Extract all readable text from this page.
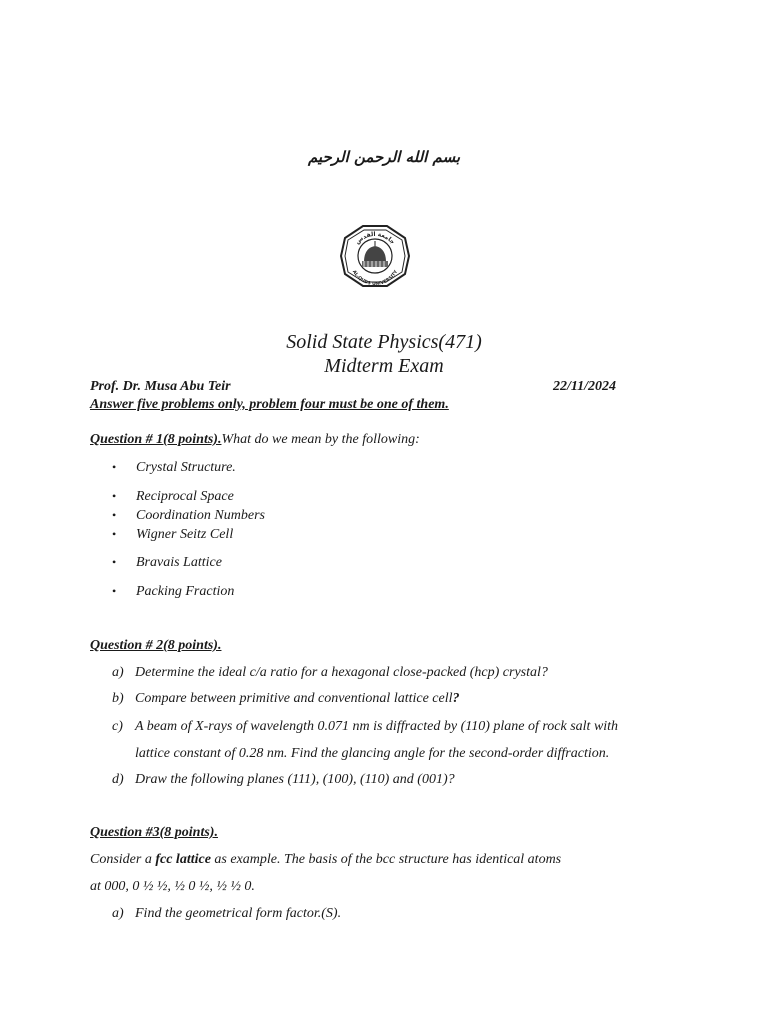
بسم الله الرحمن الرحيم
جامعة القدس
AL-QUDS UNIVERSITY
Solid State Physics(471)
Midterm Exam
Prof. Dr. Musa Abu Teir	22/11/2024
Answer five problems only, problem four must be one of them.
Question # 1(8 points).What do we mean by the following:
• Crystal Structure.
• Reciprocal Space
• Coordination Numbers
• Wigner Seitz Cell
• Bravais Lattice
• Packing Fraction
Question # 2(8 points).
a) Determine the ideal c/a ratio for a hexagonal close-packed (hcp) crystal?
b) Compare between primitive and conventional lattice cell?
c) A beam of X-rays of wavelength 0.071 nm is diffracted by (110) plane of rock salt with
lattice constant of 0.28 nm. Find the glancing angle for the second-order diffraction.
d) Draw the following planes (111), (100), (110) and (001)?
Question #3(8 points).
Consider a fcc lattice as example. The basis of the bcc structure has identical atoms
at 000, 0 ½ ½, ½ 0 ½, ½ ½ 0.
a) Find the geometrical form factor.(S).
